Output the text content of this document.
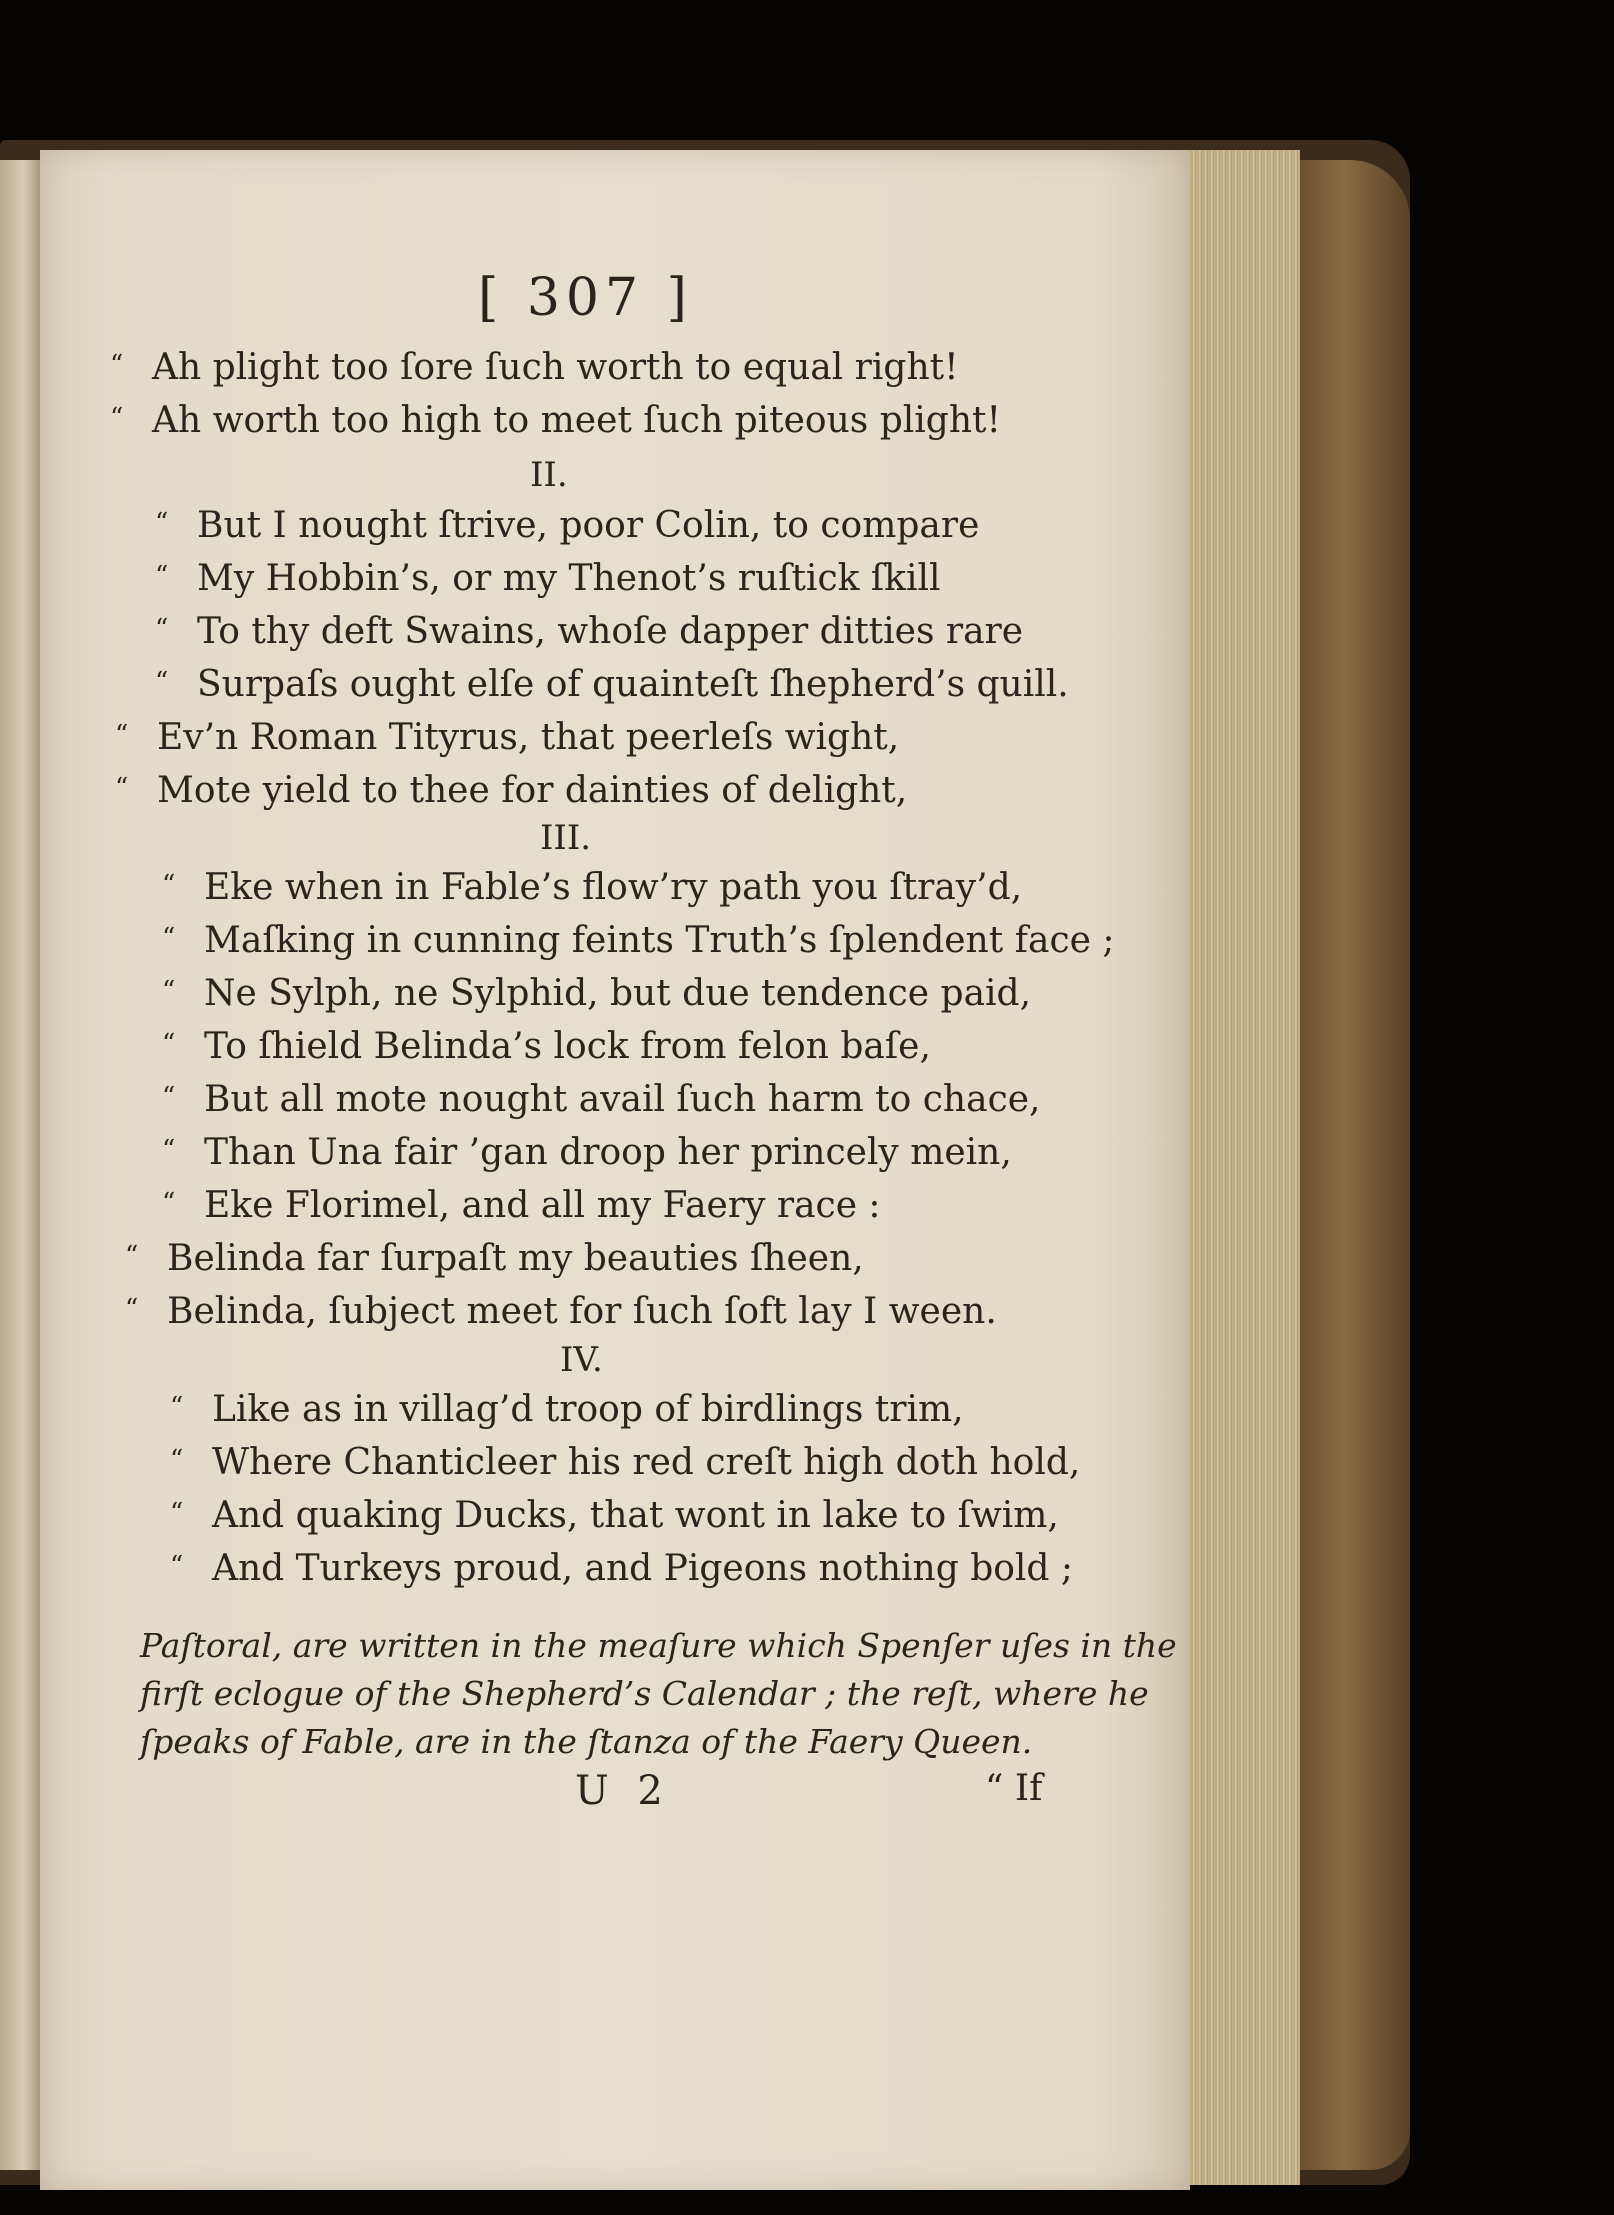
[ 307 ]

“ Ah plight too ſore ſuch worth to equal right!

“ Ah worth too high to meet ſuch piteous plight!

II.

“ But I nought ſtrive, poor Colin, to compare

“ My Hobbin’s, or my Thenot’s ruſtick ſkill

“ To thy deft Swains, whoſe dapper ditties rare

“ Surpaſs ought elſe of quainteſt ſhepherd’s quill.

“ Ev’n Roman Tityrus, that peerleſs wight,

“ Mote yield to thee for dainties of delight,

III.

“ Eke when in Fable’s flow’ry path you ſtray’d,

“ Maſking in cunning feints Truth’s ſplendent face ;

“ Ne Sylph, ne Sylphid, but due tendence paid,

“ To ſhield Belinda’s lock from felon baſe,

“ But all mote nought avail ſuch harm to chace,

“ Than Una fair ’gan droop her princely mein,

“ Eke Florimel, and all my Faery race :

“ Belinda far ſurpaſt my beauties ſheen,

“ Belinda, ſubject meet for ſuch ſoft lay I ween.

IV.

“ Like as in villag’d troop of birdlings trim,

“ Where Chanticleer his red creſt high doth hold,

“ And quaking Ducks, that wont in lake to ſwim,

“ And Turkeys proud, and Pigeons nothing bold ;

Paſtoral, are written in the meaſure which Spenſer uſes in the
firſt eclogue of the Shepherd’s Calendar ; the reſt, where he
ſpeaks of Fable, are in the ſtanza of the Faery Queen.
U 2	“ If
